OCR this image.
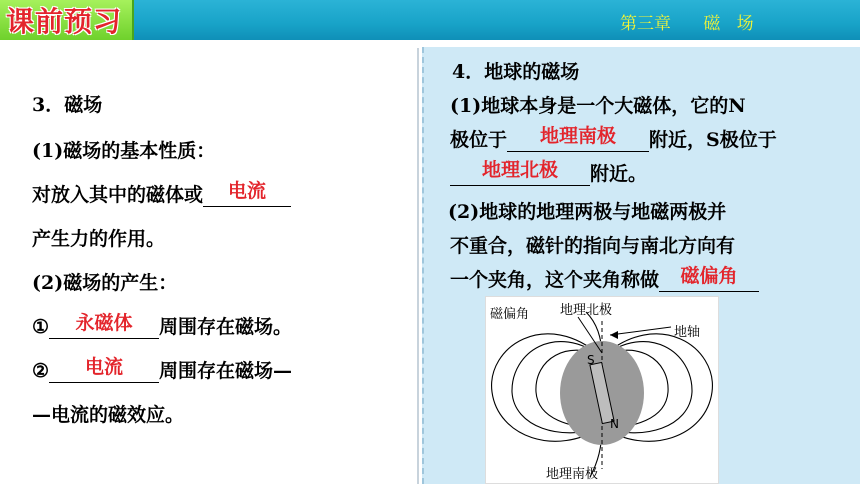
课前预习	第三章      磁   场
3．磁场
(1)磁场的基本性质：
对放入其中的磁体或	电流
产生力的作用。
(2)磁场的产生：
①	永磁体	周围存在磁场。
②	电流	周围存在磁场—
—电流的磁效应。
4．地球的磁场
(1)地球本身是一个大磁体，它的N
极位于	地理南极	附近，S极位于
地理北极	附近。
(2)地球的地理两极与地磁两极并
不重合，磁针的指向与南北方向有
一个夹角，这个夹角称做	磁偏角
磁偏角 地理北极
地轴
地理南极
S
N
